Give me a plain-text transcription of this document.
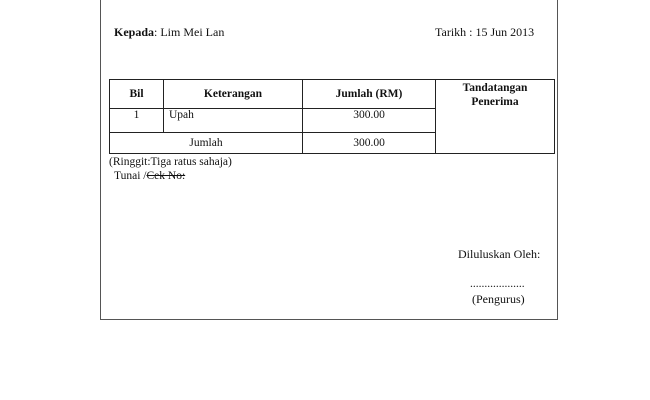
Kepada: Lim Mei Lan	Tarikh : 15 Jun 2013
Bil	Keterangan	Jumlah (RM)	Tandatangan
Penerima

1	Upah	300.00	
Jumlah		300.00	
(Ringgit:Tiga ratus sahaja)
Tunai /Cek No:
Diluluskan Oleh:
...................
(Pengurus)
